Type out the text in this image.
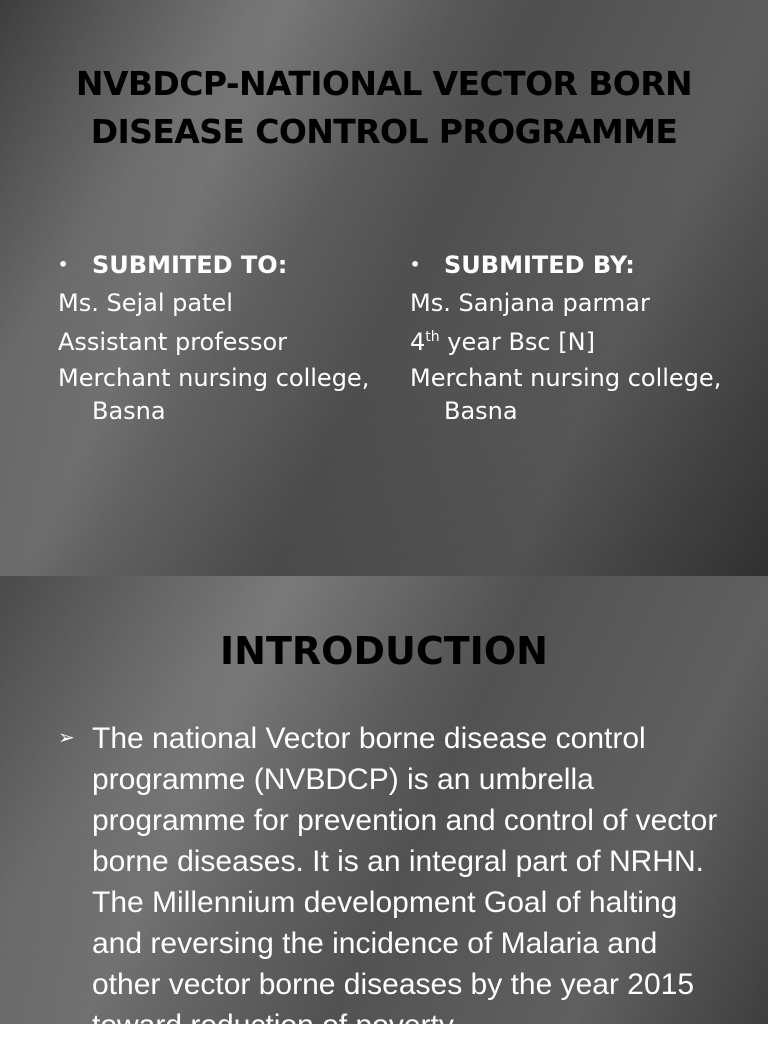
NVBDCP-NATIONAL VECTOR BORN DISEASE CONTROL PROGRAMME
• SUBMITED TO:
Ms. Sejal patel
Assistant professor
Merchant nursing college, Basna
• SUBMITED BY:
Ms. Sanjana parmar
4th year Bsc [N]
Merchant nursing college, Basna
INTRODUCTION
➢ The national Vector borne disease control programme (NVBDCP) is an umbrella programme for prevention and control of vector borne diseases. It is an integral part of NRHN. The Millennium development Goal of halting and reversing the incidence of Malaria and other vector borne diseases by the year 2015 toward reduction of poverty
